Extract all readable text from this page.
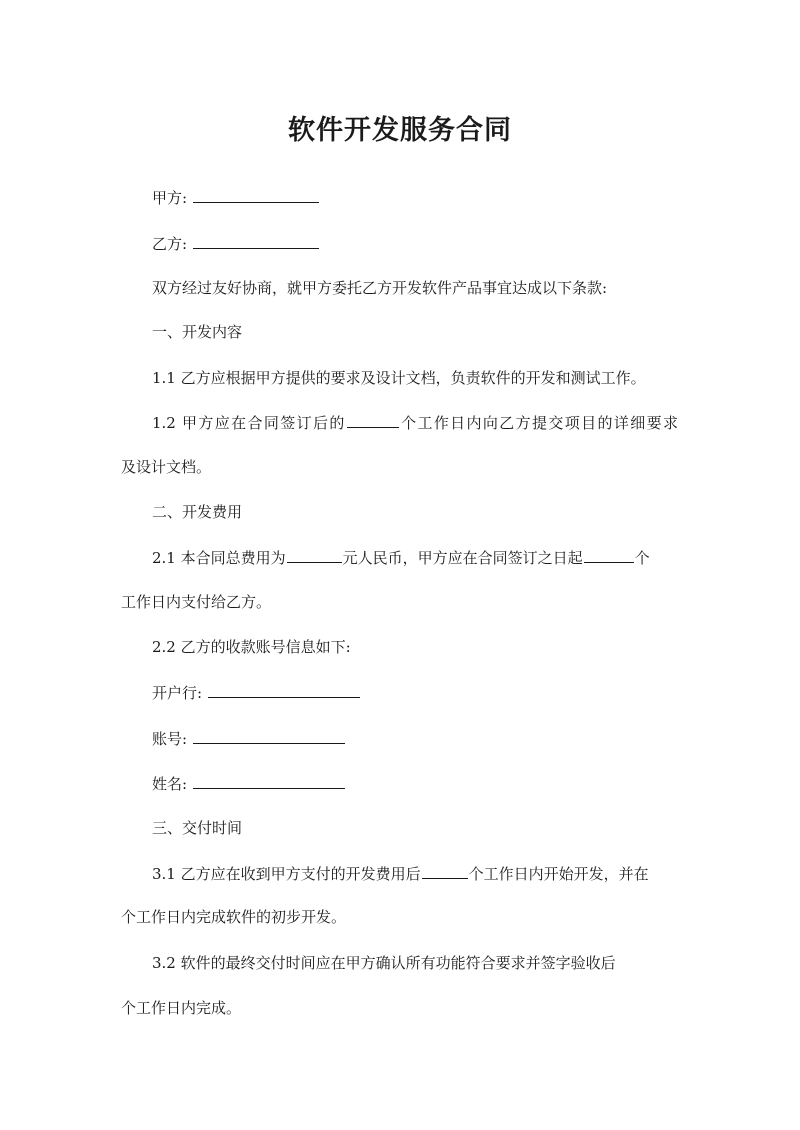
软件开发服务合同
甲方:
乙方:
双方经过友好协商，就甲方委托乙方开发软件产品事宜达成以下条款:
一、开发内容
1.1 乙方应根据甲方提供的要求及设计文档，负责软件的开发和测试工作。
1.2 甲方应在合同签订后的	个工作日内向乙方提交项目的详细要求
及设计文档。
二、开发费用
2.1 本合同总费用为	元人民币，甲方应在合同签订之日起	个
工作日内支付给乙方。
2.2 乙方的收款账号信息如下:
开户行:
账号:
姓名:
三、交付时间
3.1 乙方应在收到甲方支付的开发费用后	个工作日内开始开发，并在
个工作日内完成软件的初步开发。
3.2 软件的最终交付时间应在甲方确认所有功能符合要求并签字验收后
个工作日内完成。
